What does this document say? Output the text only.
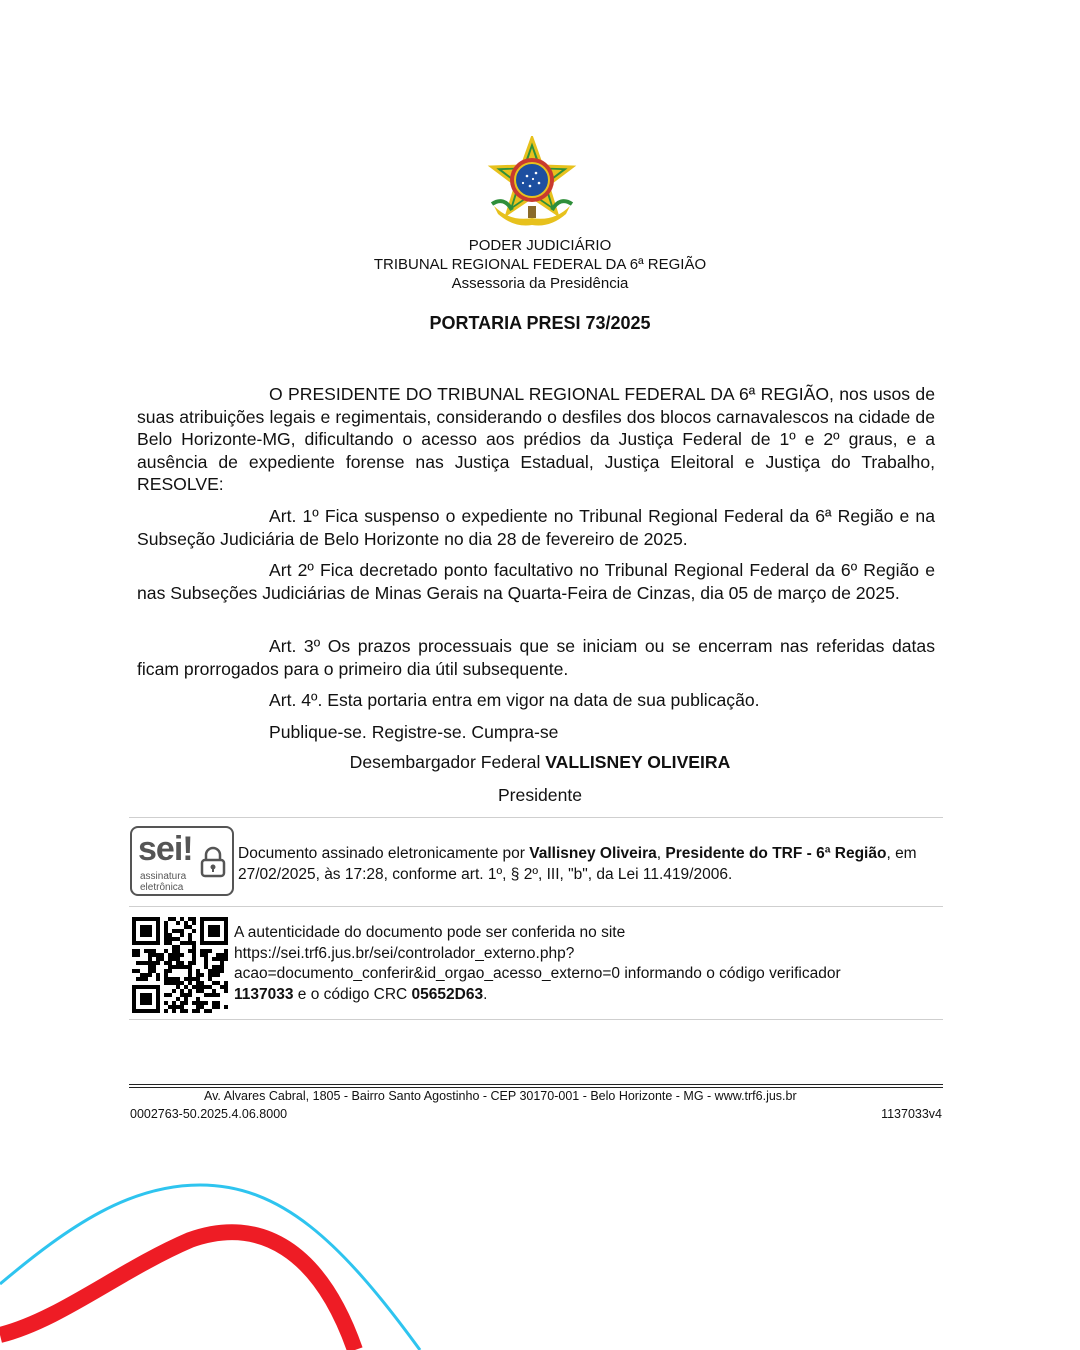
PODER JUDICIÁRIO
TRIBUNAL REGIONAL FEDERAL DA 6ª REGIÃO
Assessoria da Presidência
PORTARIA PRESI 73/2025

O PRESIDENTE DO TRIBUNAL REGIONAL FEDERAL DA 6ª REGIÃO, nos usos de suas atribuições legais e regimentais, considerando o desfiles dos blocos carnavalescos na cidade de Belo Horizonte-MG, dificultando o acesso aos prédios da Justiça Federal de 1º e 2º graus, e a ausência de expediente forense nas Justiça Estadual, Justiça Eleitoral e Justiça do Trabalho, RESOLVE:

Art. 1º Fica suspenso o expediente no Tribunal Regional Federal da 6ª Região e na Subseção Judiciária de Belo Horizonte no dia 28 de fevereiro de 2025.

Art 2º Fica decretado ponto facultativo no Tribunal Regional Federal da 6º Região e nas Subseções Judiciárias de Minas Gerais na Quarta-Feira de Cinzas, dia 05 de março de 2025.

Art. 3º Os prazos processuais que se iniciam ou se encerram nas referidas datas ficam prorrogados para o primeiro dia útil subsequente.

Art. 4º. Esta portaria entra em vigor na data de sua publicação.
Publique-se. Registre-se. Cumpra-se
Desembargador Federal VALLISNEY OLIVEIRA
Presidente
sei!
assinatura
eletrônica
Documento assinado eletronicamente por Vallisney Oliveira, Presidente do TRF - 6ª Região, em 27/02/2025, às 17:28, conforme art. 1º, § 2º, III, "b", da Lei 11.419/2006.
A autenticidade do documento pode ser conferida no site
https://sei.trf6.jus.br/sei/controlador_externo.php?
acao=documento_conferir&id_orgao_acesso_externo=0 informando o código verificador
1137033 e o código CRC 05652D63.
Av. Alvares Cabral, 1805 - Bairro Santo Agostinho - CEP 30170-001 - Belo Horizonte - MG - www.trf6.jus.br
0002763-50.2025.4.06.8000	1137033v4
